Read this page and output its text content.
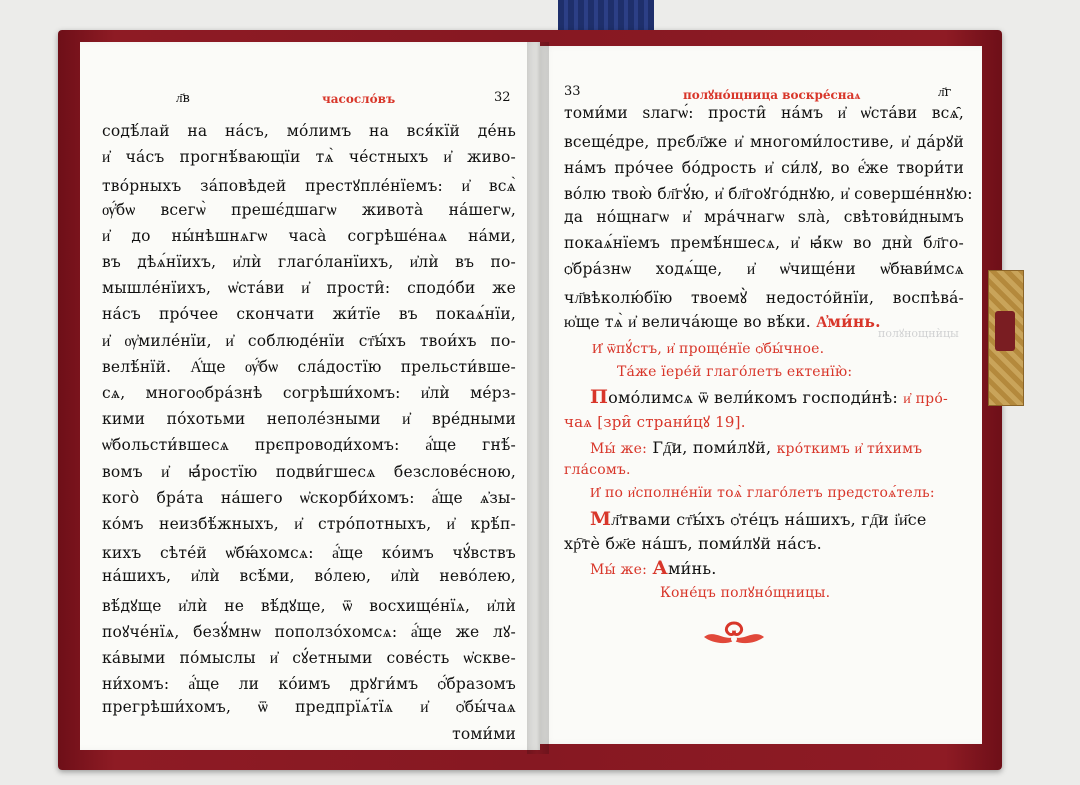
л҃в	часосло́въ	32
содѣ́лай на на́съ, мо́лимъ на вся́кїй де́нь
и҆ ча́съ прогнѣ́вающїи тѧ̀ че́стныхъ и҆ живо-
тво́рныхъ за́повѣдей престꙋпле́нїемъ: и҆ всѧ̀
ѹ҆́бѡ всегѡ̀ прешє́дшагѡ живота̀ на́шегѡ,
и҆ до ны́нѣшнѧгѡ часа̀ согрѣше́наѧ на́ми,
въ дѣѧ́нїихъ, и҆лѝ глаго́ланїихъ, и҆лѝ въ по-
мышле́нїихъ, ѡ҆ста́ви и҆ прости̑: сподо́би же
на́съ про́чее скончати жи́тїе въ покаѧ́нїи,
и҆ ѹ҆миле́нїи, и҆ соблюде́нїи ст҃ы́хъ твои́хъ по-
велѣ́нїй. А҆́ще ѹ҆́бѡ сла́достїю прельсти́вше-
сѧ, многоѻбра́знѣ согрѣши́хомъ: и҆лѝ ме́рз-
кими по́хотьми неполе́зными и҆ вре́дными
ѡ҆больсти́вшесѧ прєпроводи́хомъ: а҆́ще гнѣ́-
вомъ и҆ ꙗ҆́ростїю подви́гшесѧ безслове́сною,
кого̀ бра́та на́шего ѡ҆скорби́хомъ: а҆́ще ѧ҆зы-
ко́мъ неизбѣ́жныхъ, и҆ стро́потныхъ, и҆ крѣ́п-
кихъ сѣте́й ѡ҆бꙗ́хомсѧ: а҆́ще ко́имъ чꙋ́вствъ
на́шихъ, и҆лѝ всѣ́ми, во́лею, и҆лѝ нево́лею,
вѣ́дꙋще и҆лѝ не вѣ́дꙋще, ѿ восхище́нїѧ, и҆лѝ
поꙋче́нїѧ, безꙋ́мнѡ поползо́хомсѧ: а҆́ще же лꙋ-
ка́выми по́мыслы и҆ сꙋ́етными сове́сть ѡ҆скве-
ни́хомъ: а҆́ще ли ко́имъ дрꙋги́мъ ѻ҆́бразомъ
прегрѣши́хомъ, ѿ предпрїѧ́тїѧ и҆ ѻ҆бы́чаѧ
томи́ми
33	полꙋно́щница воскре́снаѧ	л҃г
томи́ми ѕлагѡ́: прости̑ на́мъ и҆ ѡ҆ста́ви всѧ̑,
всеще́дре, прєбл҃же и҆ многоми́лостиве, и҆ да́рꙋй
на́мъ про́чее бо́дрость и҆ си́лꙋ, во е҆́же твори́ти
во́лю твою̀ бл҃гꙋ́ю, и҆ бл҃гоꙋго́днꙋю, и҆ соверше́ннꙋю:
да но́щнагѡ и҆ мра́чнагѡ ѕла̀, свѣтови́днымъ
покаѧ́нїемъ премѣ́ншесѧ, и҆ ꙗ҆́кѡ во днѝ бл҃го-
ѻ҆бра́знѡ ходѧ́ще, и҆ ѡ҆чище́ни ѡ҆бꙗви́мсѧ
чл҃вѣколю́бїю твоемꙋ̀ недосто́йнїи, воспѣва́-
ю҆ще тѧ̀ и҆ велича́юще во вѣ́ки. А҆ми́нь.
И҆ ѿпꙋ́стъ, и҆ проще́нїе ѻ҆бы́чное.
Та́же їере́й глаго́летъ ектенїю̀:
Помо́лимсѧ ѿ вели́комъ господи́нѣ: и҆ про́-
чаѧ [зри̑ страни́цꙋ 19].
Мы́ же: Гд҇и, поми́лꙋй, кро́ткимъ и҆ ти́химъ
гла́сомъ.
И҆ по и҆сполне́нїи тоѧ̀ глаго́летъ предстоѧ́тель:
Мл҃твами ст҃ы́хъ ѻ҆те́цъ на́шихъ, гд҇и і҆и҃се
хр҇тѐ бж҃е на́шъ, поми́лꙋй на́съ.
Мы́ же: Ами́нь.
Коне́цъ полꙋно́щницы.
полꙋнощнѝцы
